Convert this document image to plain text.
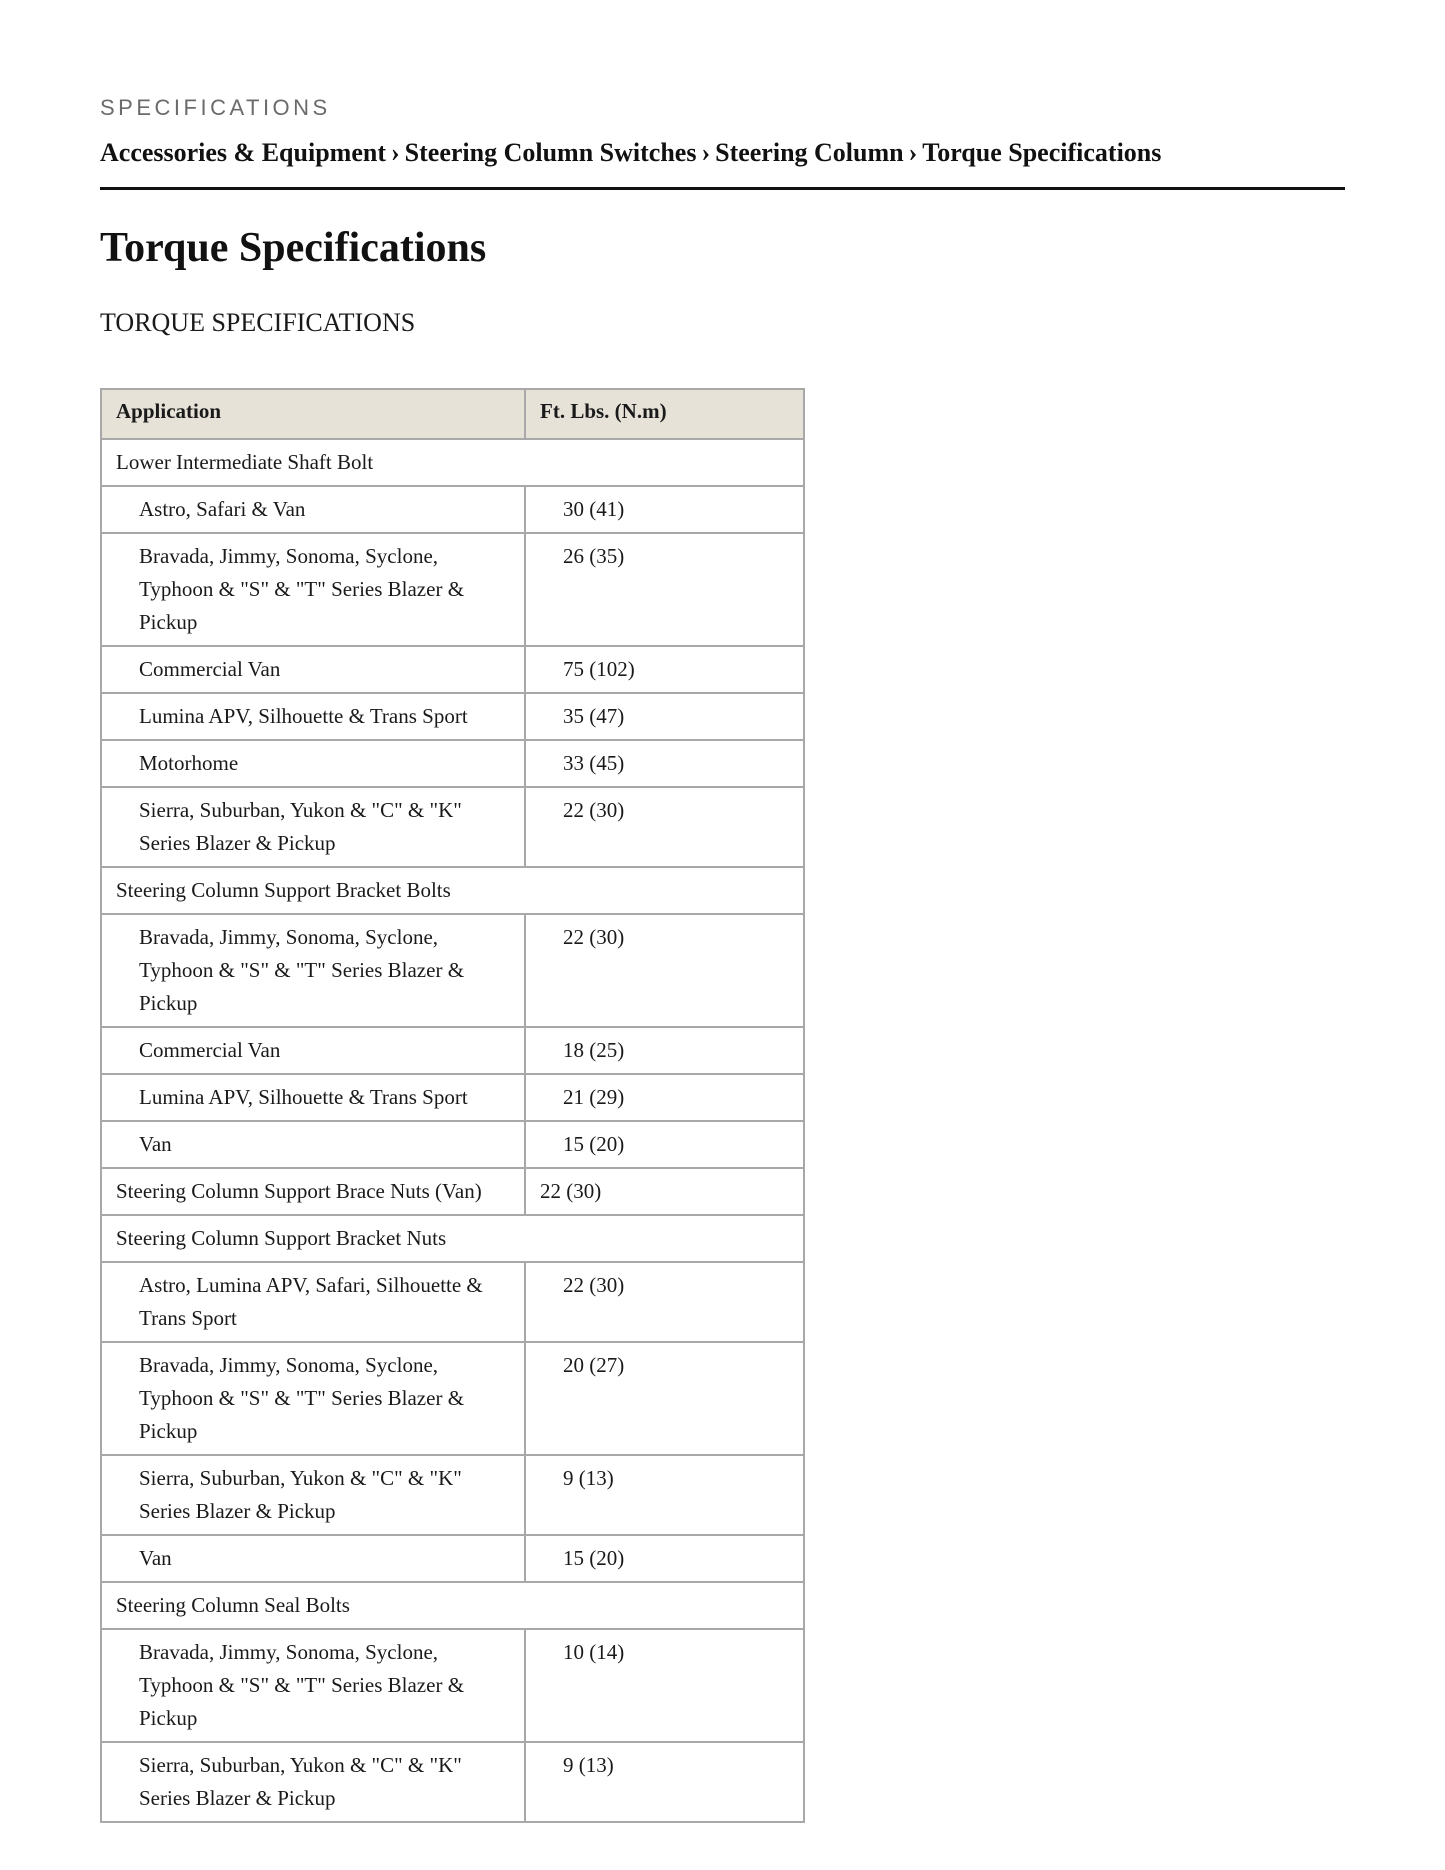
SPECIFICATIONS
Accessories & Equipment › Steering Column Switches › Steering Column › Torque Specifications
Torque Specifications
TORQUE SPECIFICATIONS
Application	Ft. Lbs. (N.m)
Lower Intermediate Shaft Bolt	
Astro, Safari & Van	30 (41)
Bravada, Jimmy, Sonoma, Syclone, Typhoon & "S" & "T" Series Blazer & Pickup	26 (35)
Commercial Van	75 (102)
Lumina APV, Silhouette & Trans Sport	35 (47)
Motorhome	33 (45)
Sierra, Suburban, Yukon & "C" & "K" Series Blazer & Pickup	22 (30)
Steering Column Support Bracket Bolts	
Bravada, Jimmy, Sonoma, Syclone, Typhoon & "S" & "T" Series Blazer & Pickup	22 (30)
Commercial Van	18 (25)
Lumina APV, Silhouette & Trans Sport	21 (29)
Van	15 (20)
Steering Column Support Brace Nuts (Van)	22 (30)
Steering Column Support Bracket Nuts	
Astro, Lumina APV, Safari, Silhouette & Trans Sport	22 (30)
Bravada, Jimmy, Sonoma, Syclone, Typhoon & "S" & "T" Series Blazer & Pickup	20 (27)
Sierra, Suburban, Yukon & "C" & "K" Series Blazer & Pickup	9 (13)
Van	15 (20)
Steering Column Seal Bolts	
Bravada, Jimmy, Sonoma, Syclone, Typhoon & "S" & "T" Series Blazer & Pickup	10 (14)
Sierra, Suburban, Yukon & "C" & "K" Series Blazer & Pickup	9 (13)
